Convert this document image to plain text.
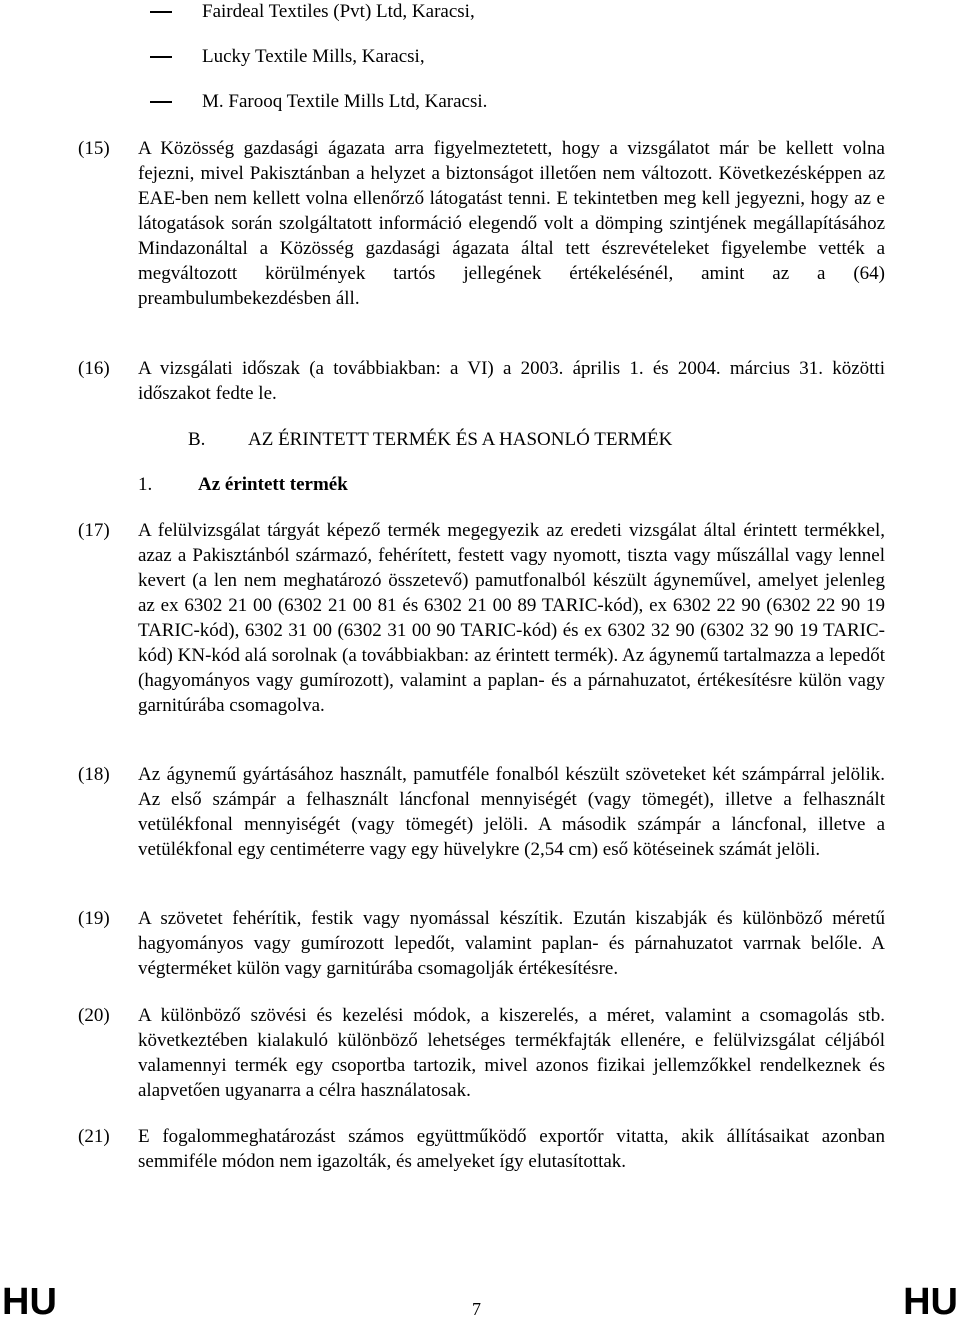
Fairdeal Textiles (Pvt) Ltd, Karacsi,
Lucky Textile Mills, Karacsi,
M. Farooq Textile Mills Ltd, Karacsi.
(15) A Közösség gazdasági ágazata arra figyelmeztetett, hogy a vizsgálatot már be kellett volna fejezni, mivel Pakisztánban a helyzet a biztonságot illetően nem változott. Következésképpen az EAE-ben nem kellett volna ellenőrző látogatást tenni. E tekintetben meg kell jegyezni, hogy az e látogatások során szolgáltatott információ elegendő volt a dömping szintjének megállapításához Mindazonáltal a Közösség gazdasági ágazata által tett észrevételeket figyelembe vették a megváltozott körülmények tartós jellegének értékelésénél, amint az a (64) preambulumbekezdésben áll.
(16) A vizsgálati időszak (a továbbiakban: a VI) a 2003. április 1. és 2004. március 31. közötti időszakot fedte le.
B. AZ ÉRINTETT TERMÉK ÉS A HASONLÓ TERMÉK
1. Az érintett termék
(17) A felülvizsgálat tárgyát képező termék megegyezik az eredeti vizsgálat által érintett termékkel, azaz a Pakisztánból származó, fehérített, festett vagy nyomott, tiszta vagy műszállal vagy lennel kevert (a len nem meghatározó összetevő) pamutfonalból készült ágyneművel, amelyet jelenleg az ex 6302 21 00 (6302 21 00 81 és 6302 21 00 89 TARIC-kód), ex 6302 22 90 (6302 22 90 19 TARIC-kód), 6302 31 00 (6302 31 00 90 TARIC-kód) és ex 6302 32 90 (6302 32 90 19 TARIC-kód) KN-kód alá sorolnak (a továbbiakban: az érintett termék). Az ágynemű tartalmazza a lepedőt (hagyományos vagy gumírozott), valamint a paplan- és a párnahuzatot, értékesítésre külön vagy garnitúrába csomagolva.
(18) Az ágynemű gyártásához használt, pamutféle fonalból készült szöveteket két számpárral jelölik. Az első számpár a felhasznált láncfonal mennyiségét (vagy tömegét), illetve a felhasznált vetülékfonal mennyiségét (vagy tömegét) jelöli. A második számpár a láncfonal, illetve a vetülékfonal egy centiméterre vagy egy hüvelykre (2,54 cm) eső kötéseinek számát jelöli.
(19) A szövetet fehérítik, festik vagy nyomással készítik. Ezután kiszabják és különböző méretű hagyományos vagy gumírozott lepedőt, valamint paplan- és párnahuzatot varrnak belőle. A végterméket külön vagy garnitúrába csomagolják értékesítésre.
(20) A különböző szövési és kezelési módok, a kiszerelés, a méret, valamint a csomagolás stb. következtében kialakuló különböző lehetséges termékfajták ellenére, e felülvizsgálat céljából valamennyi termék egy csoportba tartozik, mivel azonos fizikai jellemzőkkel rendelkeznek és alapvetően ugyanarra a célra használatosak.
(21) E fogalommeghatározást számos együttműködő exportőr vitatta, akik állításaikat azonban semmiféle módon nem igazolták, és amelyeket így elutasítottak.
HU	7	HU
